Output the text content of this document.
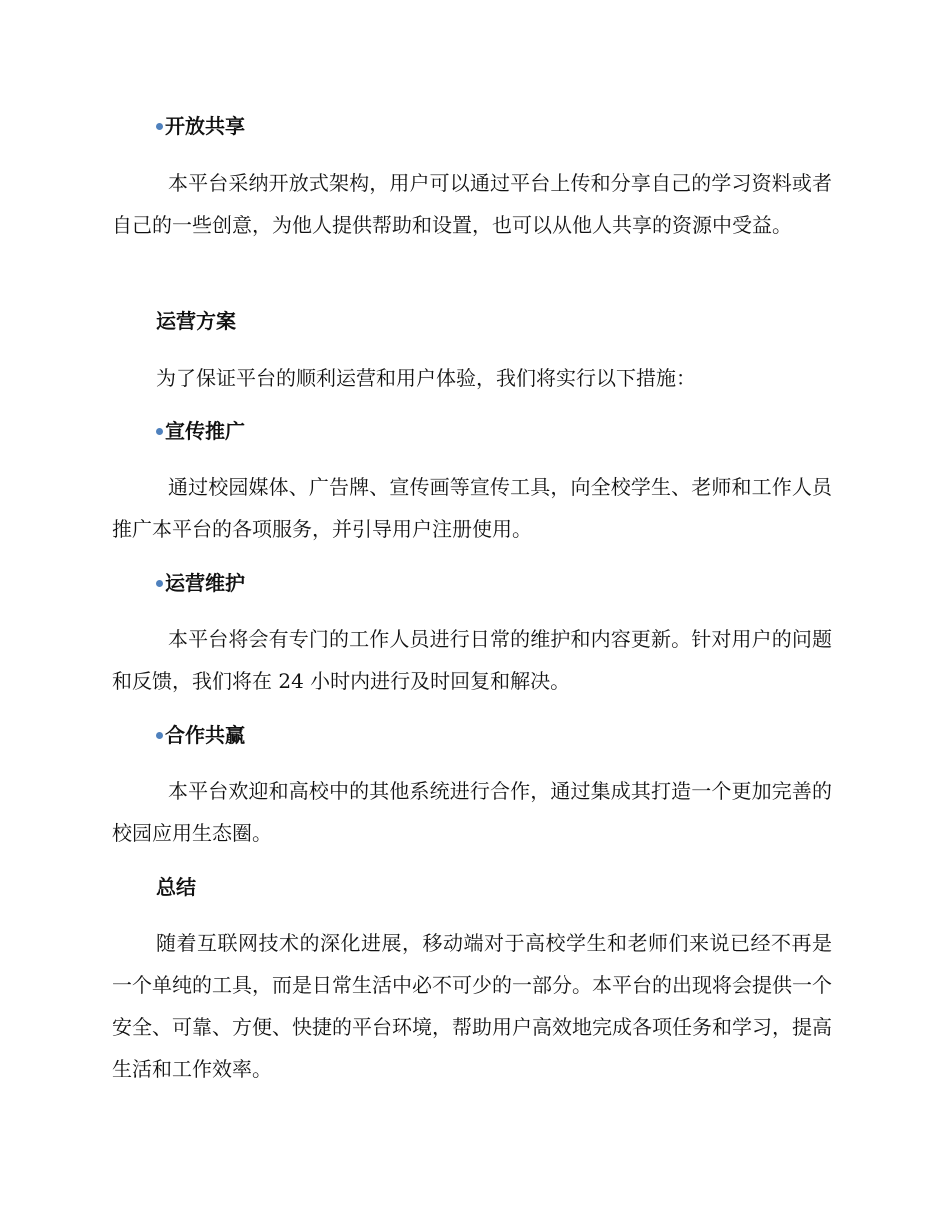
开放共享

本平台采纳开放式架构，用户可以通过平台上传和分享自己的学习资料或者自己的一些创意，为他人提供帮助和设置，也可以从他人共享的资源中受益。

运营方案

为了保证平台的顺利运营和用户体验，我们将实行以下措施：

宣传推广

通过校园媒体、广告牌、宣传画等宣传工具，向全校学生、老师和工作人员推广本平台的各项服务，并引导用户注册使用。

运营维护

本平台将会有专门的工作人员进行日常的维护和内容更新。针对用户的问题和反馈，我们将在 24 小时内进行及时回复和解决。

合作共赢

本平台欢迎和高校中的其他系统进行合作，通过集成其打造一个更加完善的校园应用生态圈。

总结

随着互联网技术的深化进展，移动端对于高校学生和老师们来说已经不再是一个单纯的工具，而是日常生活中必不可少的一部分。本平台的出现将会提供一个安全、可靠、方便、快捷的平台环境，帮助用户高效地完成各项任务和学习，提高生活和工作效率。
